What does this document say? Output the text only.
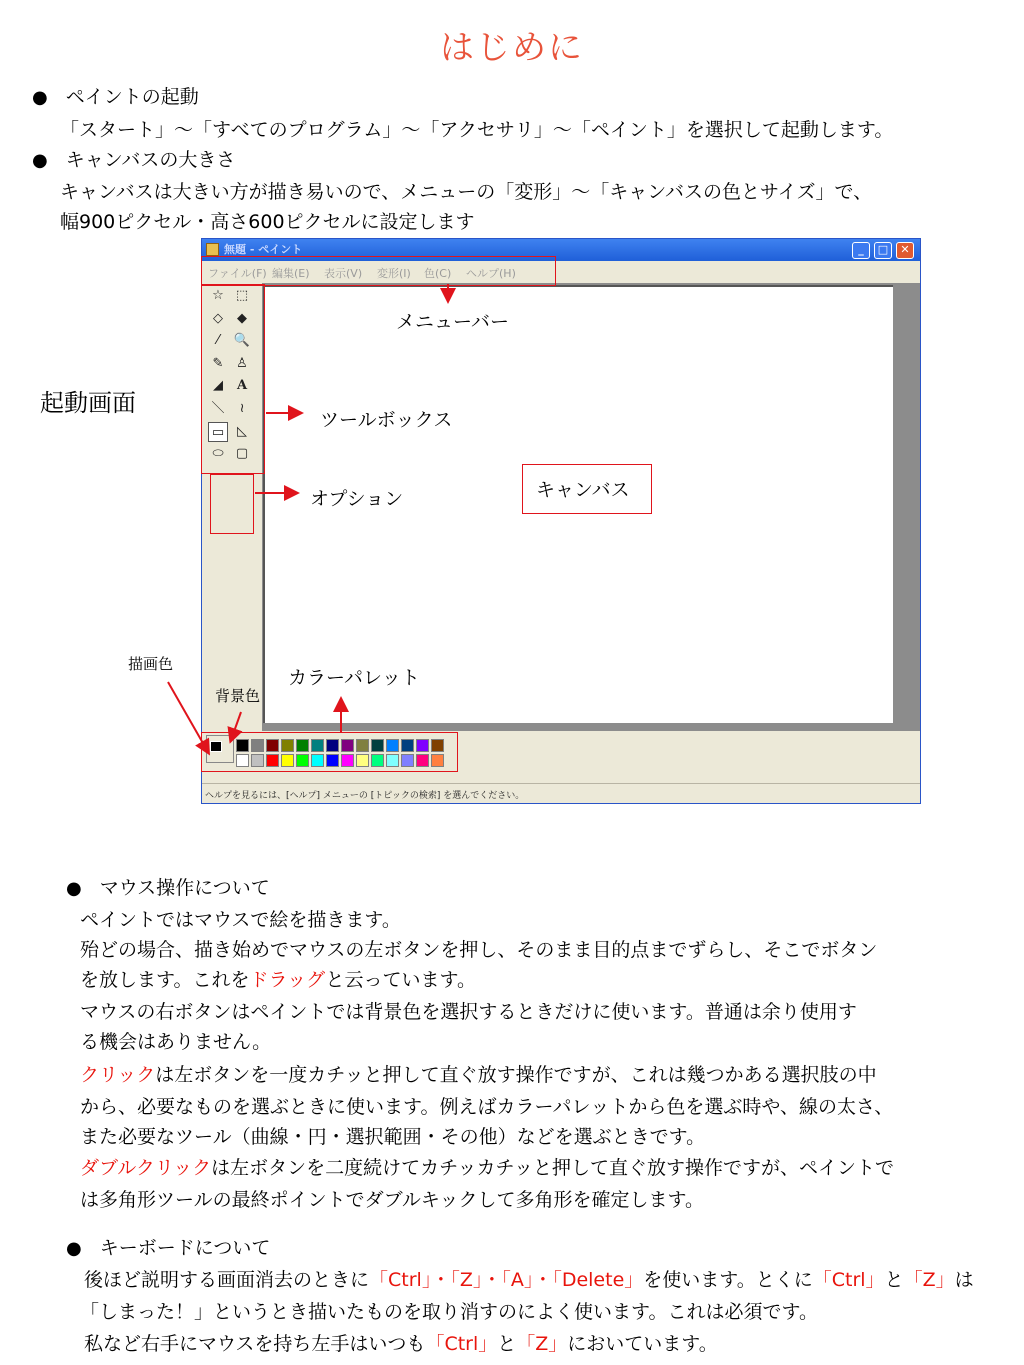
はじめに
● ペイントの起動
「スタート」～「すべてのプログラム」～「アクセサリ」～「ペイント」を選択して起動します。
● キャンバスの大きさ
キャンバスは大きい方が描き易いので、メニューの「変形」～「キャンバスの色とサイズ」で、
幅900ピクセル・高さ600ピクセルに設定します
起動画面
無題 - ペイント	_	□	✕
ファイル(F) 編集(E) 表示(V) 変形(I) 色(C) ヘルプ(H)
☆ ⬚
◇	◆
⁄	🔍
✎ ♙
◢	A
＼	≀
▭ ◺
⬭ ▢
ヘルプを見るには、[ヘルプ] メニューの [トピックの検索] を選んでください。
メニューバー
ツールボックス
オプション	キャンバス
描画色
背景色
カラーパレット
● マウス操作について
ペイントではマウスで絵を描きます。
殆どの場合、描き始めでマウスの左ボタンを押し、そのまま目的点までずらし、そこでボタン
を放します。これをドラッグと云っています。
マウスの右ボタンはペイントでは背景色を選択するときだけに使います。普通は余り使用す
る機会はありません。
クリックは左ボタンを一度カチッと押して直ぐ放す操作ですが、これは幾つかある選択肢の中
から、必要なものを選ぶときに使います。例えばカラーパレットから色を選ぶ時や、線の太さ、
また必要なツール（曲線・円・選択範囲・その他）などを選ぶときです。
ダブルクリックは左ボタンを二度続けてカチッカチッと押して直ぐ放す操作ですが、ペイントで
は多角形ツールの最終ポイントでダブルキックして多角形を確定します。
● キーボードについて
後ほど説明する画面消去のときに「Ctrl」・「Z」・「A」・「Delete」を使います。とくに「Ctrl」と「Z」は
「しまった！」というとき描いたものを取り消すのによく使います。これは必須です。
私など右手にマウスを持ち左手はいつも「Ctrl」と「Z」においています。
